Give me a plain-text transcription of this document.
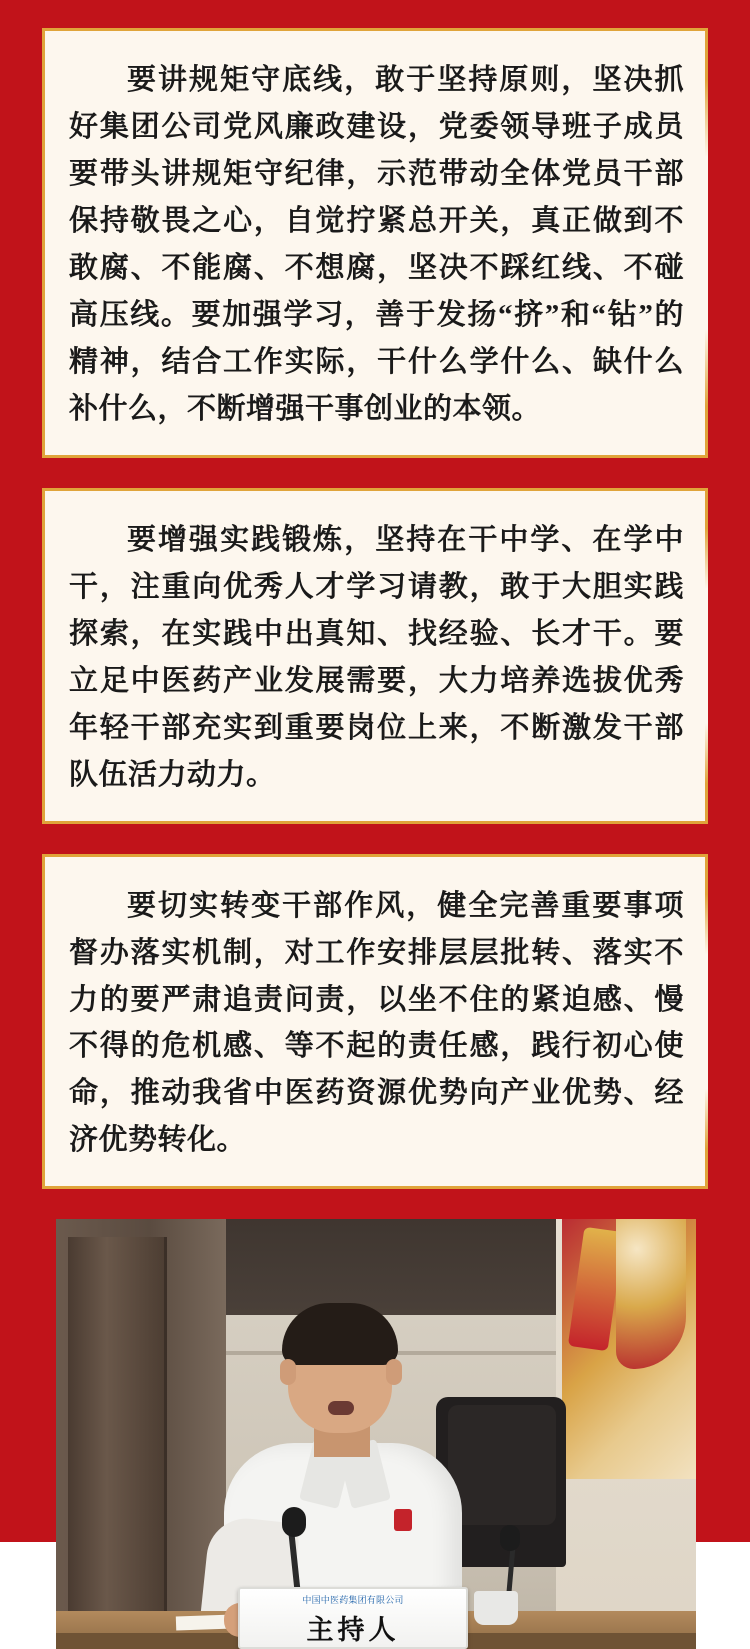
要讲规矩守底线，敢于坚持原则，坚决抓好集团公司党风廉政建设，党委领导班子成员要带头讲规矩守纪律，示范带动全体党员干部保持敬畏之心，自觉拧紧总开关，真正做到不敢腐、不能腐、不想腐，坚决不踩红线、不碰高压线。要加强学习，善于发扬“挤”和“钻”的精神，结合工作实际，干什么学什么、缺什么补什么，不断增强干事创业的本领。

要增强实践锻炼，坚持在干中学、在学中干，注重向优秀人才学习请教，敢于大胆实践探索，在实践中出真知、找经验、长才干。要立足中医药产业发展需要，大力培养选拔优秀年轻干部充实到重要岗位上来，不断激发干部队伍活力动力。

要切实转变干部作风，健全完善重要事项督办落实机制，对工作安排层层批转、落实不力的要严肃追责问责，以坐不住的紧迫感、慢不得的危机感、等不起的责任感，践行初心使命，推动我省中医药资源优势向产业优势、经济优势转化。

中国中医药集团有限公司
主持人
